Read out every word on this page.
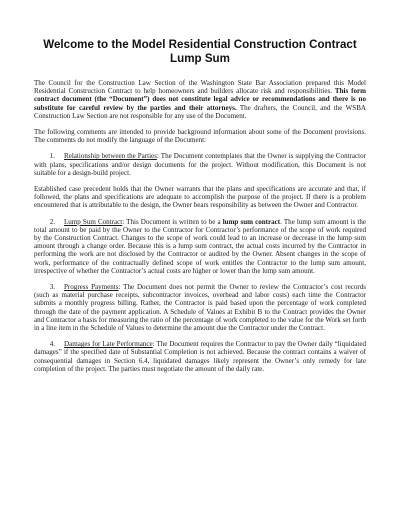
Welcome to the Model Residential Construction Contract
Lump Sum

The Council for the Construction Law Section of the Washington State Bar Association prepared this Model Residential Construction Contract to help homeowners and builders allocate risk and responsibilities. This form contract document (the “Document”) does not constitute legal advice or recommendations and there is no substitute for careful review by the parties and their attorneys. The drafters, the Council, and the WSBA Construction Law Section are not responsible for any use of the Document.

The following comments are intended to provide background information about some of the Document provisions. The comments do not modify the language of the Document:

1. Relationship between the Parties: The Document contemplates that the Owner is supplying the Contractor with plans, specifications and/or design documents for the project. Without modification, this Document is not suitable for a design-build project.

Established case precedent holds that the Owner warrants that the plans and specifications are accurate and that, if followed, the plans and specifications are adequate to accomplish the purpose of the project. If there is a problem encountered that is attributable to the design, the Owner bears responsibility as between the Owner and Contractor.

2. Lump Sum Contract: This Document is written to be a lump sum contract. The lump sum amount is the total amount to be paid by the Owner to the Contractor for Contractor’s performance of the scope of work required by the Construction Contract. Changes to the scope of work could lead to an increase or decrease in the lump sum amount through a change order. Because this is a lump sum contract, the actual costs incurred by the Contractor in performing the work are not disclosed by the Contractor or audited by the Owner. Absent changes in the scope of work, performance of the contractually defined scope of work entitles the Contractor to the lump sum amount, irrespective of whether the Contractor’s actual costs are higher or lower than the lump sum amount.

3. Progress Payments: The Document does not permit the Owner to review the Contractor’s cost records (such as material purchase receipts, subcontractor invoices, overhead and labor costs) each time the Contractor submits a monthly progress billing. Rather, the Contractor is paid based upon the percentage of work completed through the date of the payment application. A Schedule of Values at Exhibit B to the Contract provides the Owner and Contractor a basis for measuring the ratio of the percentage of work completed to the value for the Work set forth in a line item in the Schedule of Values to determine the amount due the Contractor under the Contract.

4. Damages for Late Performance: The Document requires the Contractor to pay the Owner daily “liquidated damages” if the specified date of Substantial Completion is not achieved. Because the contract contains a waiver of consequential damages in Section 6.4, liquidated damages likely represent the Owner’s only remedy for late completion of the project. The parties must negotiate the amount of the daily rate.
